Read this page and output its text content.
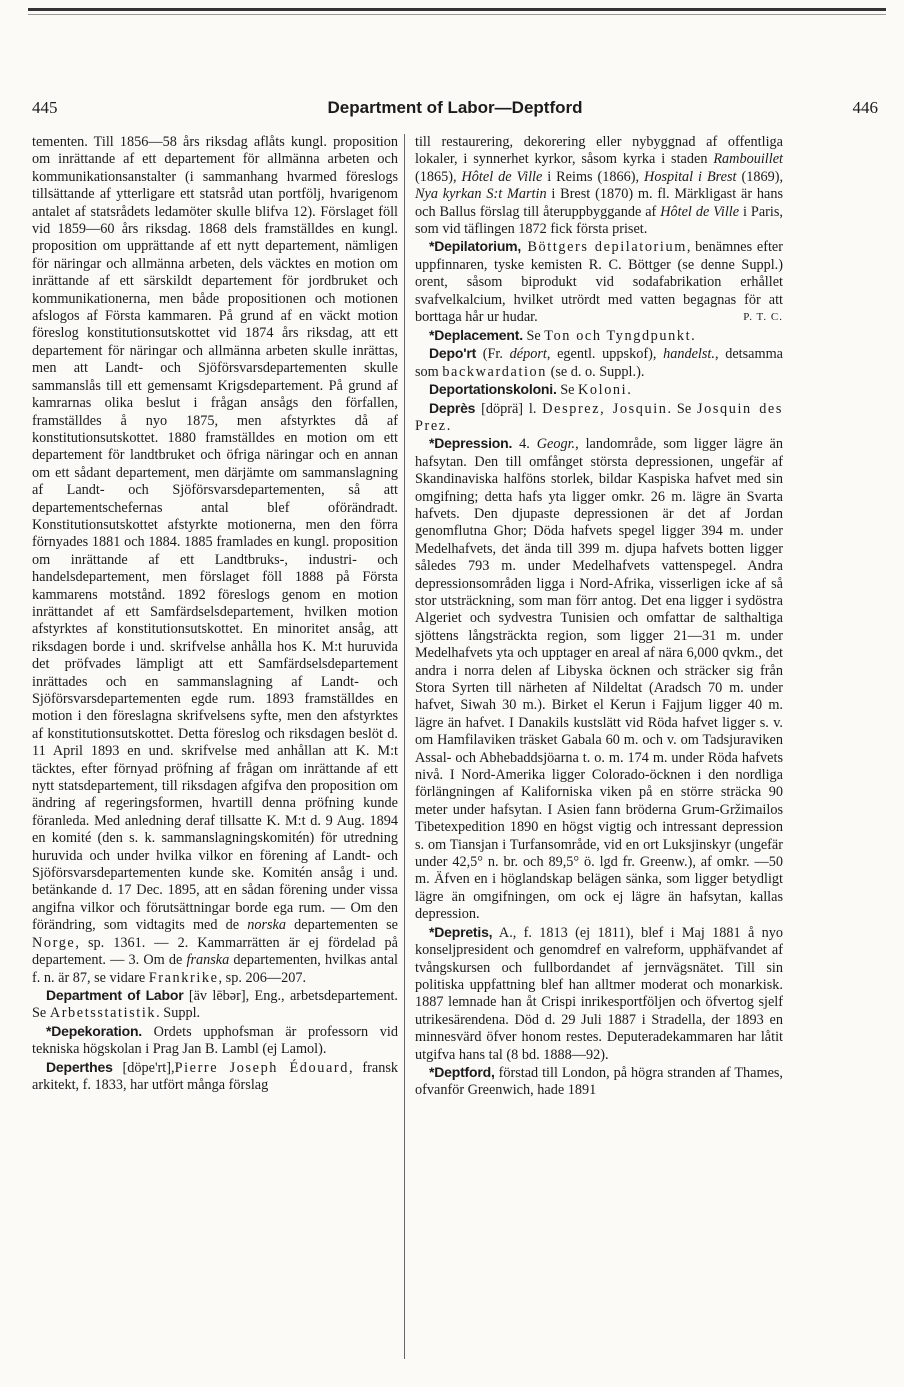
445	Department of Labor—Deptford	446

tementen. Till 1856—58 års riksdag aflåts kungl. proposition om inrättande af ett departement för allmänna arbeten och kommunikationsanstalter (i sammanhang hvarmed föreslogs tillsättande af ytterligare ett statsråd utan portfölj, hvarigenom antalet af statsrådets ledamöter skulle blifva 12). Förslaget föll vid 1859—60 års riksdag. 1868 dels framställdes en kungl. proposition om upprättande af ett nytt departement, nämligen för näringar och allmänna arbeten, dels väcktes en motion om inrättande af ett särskildt departement för jordbruket och kommunikationerna, men både propositionen och motionen afslogos af Första kammaren. På grund af en väckt motion föreslog konstitutionsutskottet vid 1874 års riksdag, att ett departement för näringar och allmänna arbeten skulle inrättas, men att Landt- och Sjöförsvarsdepartementen skulle sammanslås till ett gemensamt Krigsdepartement. På grund af kamrarnas olika beslut i frågan ansågs den förfallen, framställdes å nyo 1875, men afstyrktes då af konstitutionsutskottet. 1880 framställdes en motion om ett departement för landtbruket och öfriga näringar och en annan om ett sådant departement, men därjämte om sammanslagning af Landt- och Sjöförsvarsdepartementen, så att departementschefernas antal blef oförändradt. Konstitutionsutskottet afstyrkte motionerna, men den förra förnyades 1881 och 1884. 1885 framlades en kungl. proposition om inrättande af ett Landtbruks-, industri- och handelsdepartement, men förslaget föll 1888 på Första kammarens motstånd. 1892 föreslogs genom en motion inrättandet af ett Samfärdselsdepartement, hvilken motion afstyrktes af konstitutionsutskottet. En minoritet ansåg, att riksdagen borde i und. skrifvelse anhålla hos K. M:t huruvida det pröfvades lämpligt att ett Samfärdselsdepartement inrättades och en sammanslagning af Landt- och Sjöförsvarsdepartementen egde rum. 1893 framställdes en motion i den föreslagna skrifvelsens syfte, men den afstyrktes af konstitutionsutskottet. Detta föreslog och riksdagen beslöt d. 11 April 1893 en und. skrifvelse med anhållan att K. M:t täcktes, efter förnyad pröfning af frågan om inrättande af ett nytt statsdepartement, till riksdagen afgifva den proposition om ändring af regeringsformen, hvartill denna pröfning kunde föranleda. Med anledning deraf tillsatte K. M:t d. 9 Aug. 1894 en komité (den s. k. sammanslagningskomitén) för utredning huruvida och under hvilka vilkor en förening af Landt- och Sjöförsvarsdepartementen kunde ske. Komitén ansåg i und. betänkande d. 17 Dec. 1895, att en sådan förening under vissa angifna vilkor och förutsättningar borde ega rum. — Om den förändring, som vidtagits med de norska departementen se Norge, sp. 1361. — 2. Kammarrätten är ej fördelad på departement. — 3. Om de franska departementen, hvilkas antal f. n. är 87, se vidare Frankrike, sp. 206—207.

Department of Labor [äv lēbər], Eng., arbetsdepartement. Se Arbetsstatistik. Suppl.

*Depekoration. Ordets upphofsman är professorn vid tekniska högskolan i Prag Jan B. Lambl (ej Lamol).

Deperthes [döpe'rt],Pierre Joseph Édouard, fransk arkitekt, f. 1833, har utfört många förslag

till restaurering, dekorering eller nybyggnad af offentliga lokaler, i synnerhet kyrkor, såsom kyrka i staden Rambouillet (1865), Hôtel de Ville i Reims (1866), Hospital i Brest (1869), Nya kyrkan S:t Martin i Brest (1870) m. fl. Märkligast är hans och Ballus förslag till återuppbyggande af Hôtel de Ville i Paris, som vid täflingen 1872 fick första priset.

*Depilatorium, Böttgers depilatorium, benämnes efter uppfinnaren, tyske kemisten R. C. Böttger (se denne Suppl.) orent, såsom biprodukt vid sodafabrikation erhållet svafvelkalcium, hvilket utrördt med vatten begagnas för att borttaga hår ur hudar.	P. T. C.

*Deplacement. Se Ton och Tyngdpunkt.

Depo'rt (Fr. déport, egentl. uppskof), handelst., detsamma som backwardation (se d. o. Suppl.).

Deportationskoloni. Se Koloni.

Deprès [döprä] l. Desprez, Josquin. Se Josquin des Prez.

*Depression. 4. Geogr., landområde, som ligger lägre än hafsytan. Den till omfånget största depressionen, ungefär af Skandinaviska halföns storlek, bildar Kaspiska hafvet med sin omgifning; detta hafs yta ligger omkr. 26 m. lägre än Svarta hafvets. Den djupaste depressionen är det af Jordan genomflutna Ghor; Döda hafvets spegel ligger 394 m. under Medelhafvets, det ända till 399 m. djupa hafvets botten ligger således 793 m. under Medelhafvets vattenspegel. Andra depressionsområden ligga i Nord-Afrika, visserligen icke af så stor utsträckning, som man förr antog. Det ena ligger i sydöstra Algeriet och sydvestra Tunisien och omfattar de salthaltiga sjöttens långsträckta region, som ligger 21—31 m. under Medelhafvets yta och upptager en areal af nära 6,000 qvkm., det andra i norra delen af Libyska öcknen och sträcker sig från Stora Syrten till närheten af Nildeltat (Aradsch 70 m. under hafvet, Siwah 30 m.). Birket el Kerun i Fajjum ligger 40 m. lägre än hafvet. I Danakils kustslätt vid Röda hafvet ligger s. v. om Hamfilaviken träsket Gabala 60 m. och v. om Tadsjuraviken Assal- och Abhebaddsjöarna t. o. m. 174 m. under Röda hafvets nivå. I Nord-Amerika ligger Colorado-öcknen i den nordliga förlängningen af Kaliforniska viken på en större sträcka 90 meter under hafsytan. I Asien fann bröderna Grum-Gržimailos Tibetexpedition 1890 en högst vigtig och intressant depression s. om Tiansjan i Turfansområde, vid en ort Luksjinskyr (ungefär under 42,5° n. br. och 89,5° ö. lgd fr. Greenw.), af omkr. —50 m. Äfven en i höglandskap belägen sänka, som ligger betydligt lägre än omgifningen, om ock ej lägre än hafsytan, kallas depression.

*Depretis, A., f. 1813 (ej 1811), blef i Maj 1881 å nyo konseljpresident och genomdref en valreform, upphäfvandet af tvångskursen och fullbordandet af jernvägsnätet. Till sin politiska uppfattning blef han alltmer moderat och monarkisk. 1887 lemnade han åt Crispi inrikesportföljen och öfvertog sjelf utrikesärendena. Död d. 29 Juli 1887 i Stradella, der 1893 en minnesvärd öfver honom restes. Deputeradekammaren har låtit utgifva hans tal (8 bd. 1888—92).

*Deptford, förstad till London, på högra stranden af Thames, ofvanför Greenwich, hade 1891
